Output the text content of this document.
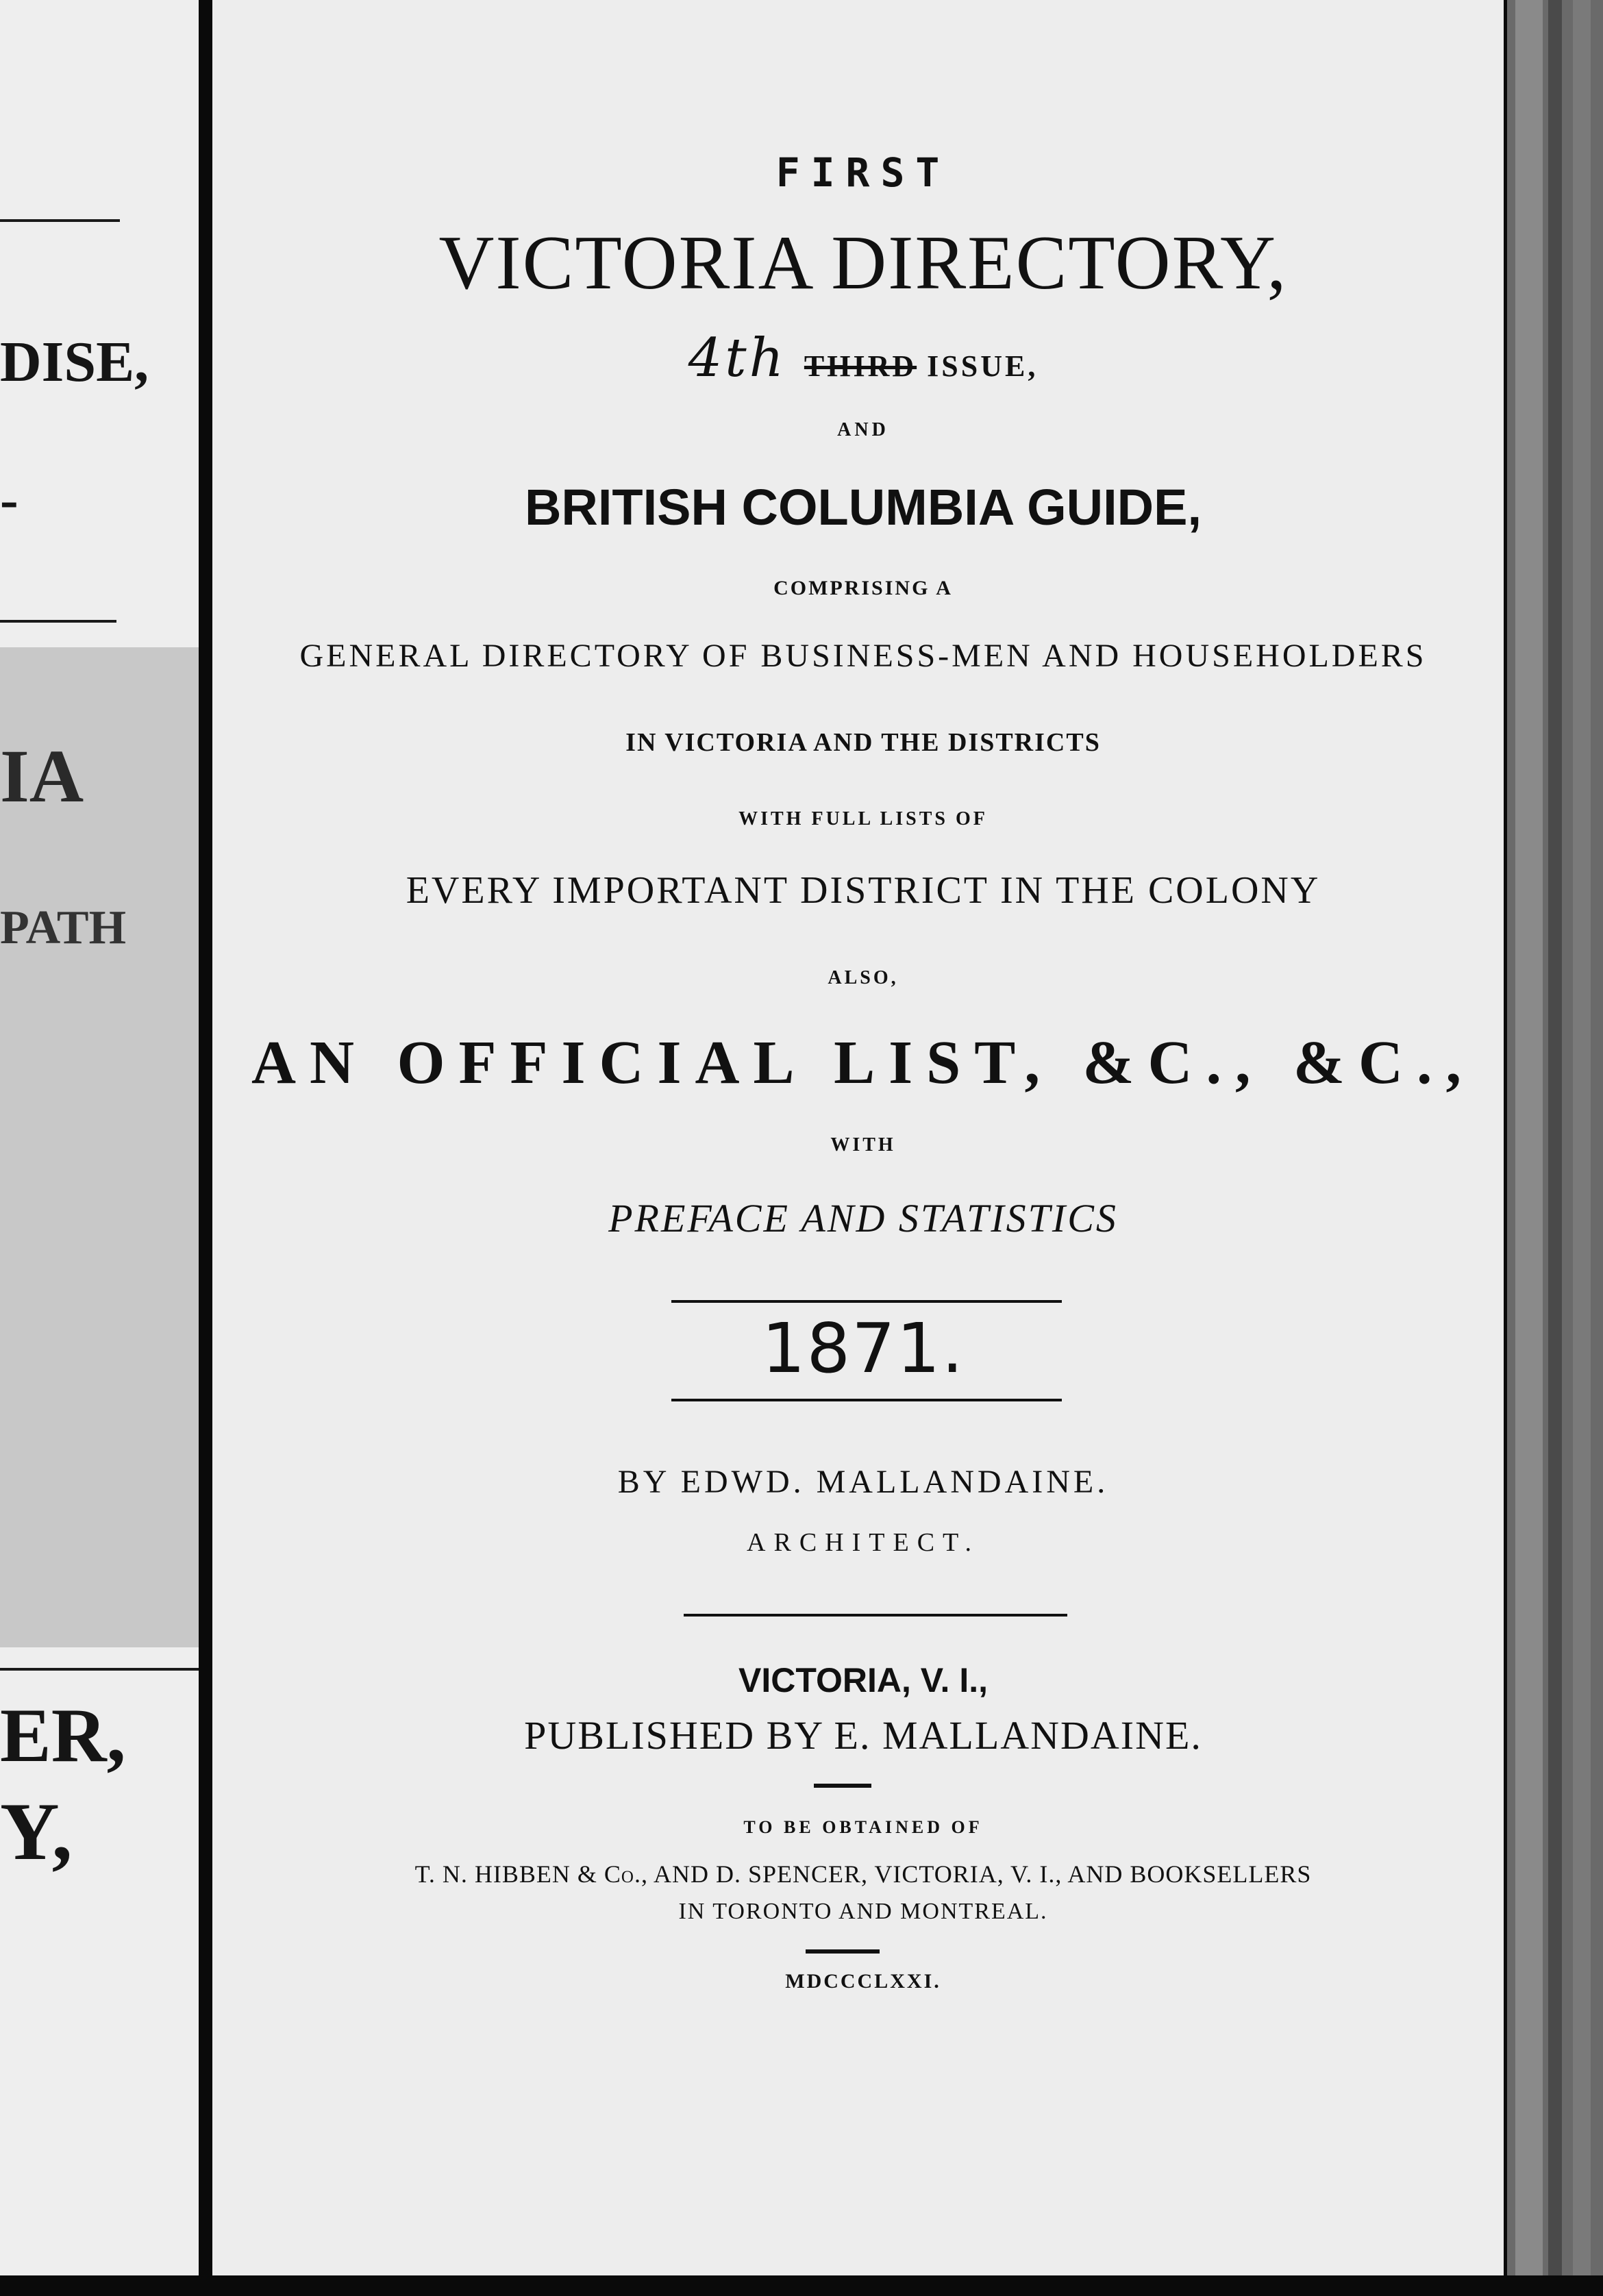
DISE,
-
IA
PATH
ER,
Y,
FIRST
VICTORIA DIRECTORY,
4th THIRD ISSUE,
AND
BRITISH COLUMBIA GUIDE,
COMPRISING A
GENERAL DIRECTORY OF BUSINESS-MEN AND HOUSEHOLDERS
IN VICTORIA AND THE DISTRICTS
WITH FULL LISTS OF
EVERY IMPORTANT DISTRICT IN THE COLONY
ALSO,
AN OFFICIAL LIST, &C., &C.,
WITH
PREFACE AND STATISTICS
1871.
BY EDWD. MALLANDAINE.
ARCHITECT.
VICTORIA, V. I.,
PUBLISHED BY E. MALLANDAINE.
TO BE OBTAINED OF
T. N. HIBBEN & Co., AND D. SPENCER, VICTORIA, V. I., AND BOOKSELLERS
IN TORONTO AND MONTREAL.
MDCCCLXXI.
